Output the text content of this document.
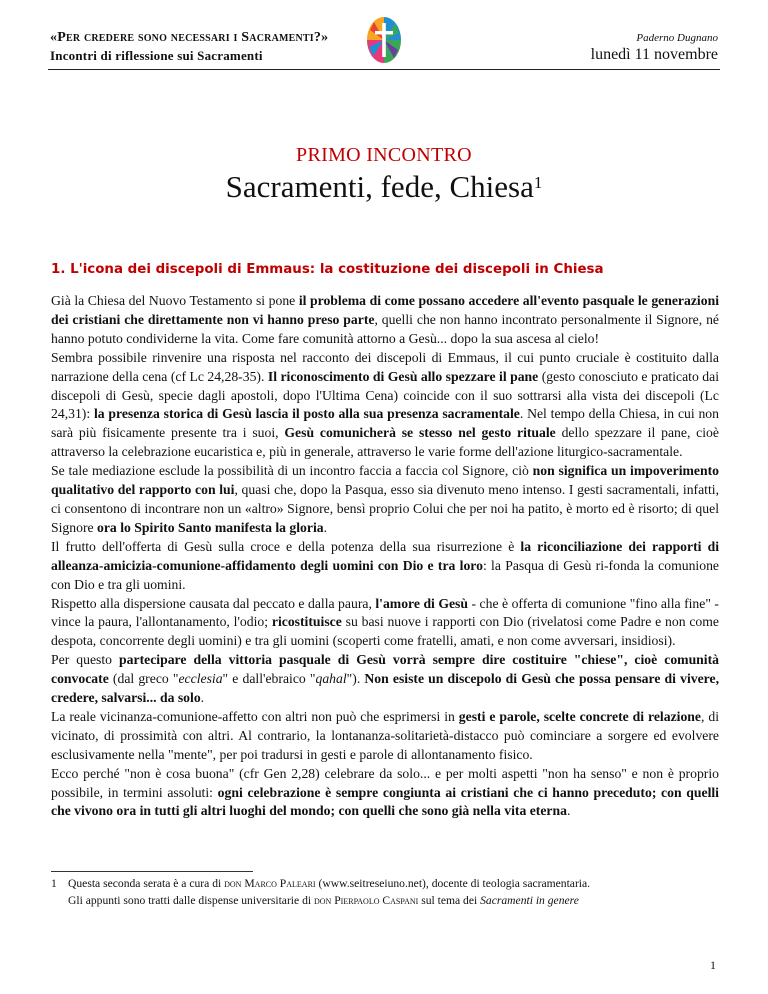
«Per credere sono necessari i Sacramenti?»
Incontri di riflessione sui Sacramenti
Paderno Dugnano
lunedì 11 novembre
PRIMO INCONTRO
Sacramenti, fede, Chiesa$^1$
1. L'icona dei discepoli di Emmaus: la costituzione dei discepoli in Chiesa

Già la Chiesa del Nuovo Testamento si pone il problema di come possano accedere all'evento pasquale le generazioni dei cristiani che direttamente non vi hanno preso parte, quelli che non hanno incontrato personalmente il Signore, né hanno potuto condividerne la vita. Come fare comunità attorno a Gesù... dopo la sua ascesa al cielo!

Sembra possibile rinvenire una risposta nel racconto dei discepoli di Emmaus, il cui punto cruciale è costituito dalla narrazione della cena (cf Lc 24,28-35). Il riconoscimento di Gesù allo spezzare il pane (gesto conosciuto e praticato dai discepoli di Gesù, specie dagli apostoli, dopo l'Ultima Cena) coincide con il suo sottrarsi alla vista dei discepoli (Lc 24,31): la presenza storica di Gesù lascia il posto alla sua presenza sacramentale. Nel tempo della Chiesa, in cui non sarà più fisicamente presente tra i suoi, Gesù comunicherà se stesso nel gesto rituale dello spezzare il pane, cioè attraverso la celebrazione eucaristica e, più in generale, attraverso le varie forme dell'azione liturgico-sacramentale.

Se tale mediazione esclude la possibilità di un incontro faccia a faccia col Signore, ciò non significa un impoverimento qualitativo del rapporto con lui, quasi che, dopo la Pasqua, esso sia divenuto meno intenso. I gesti sacramentali, infatti, ci consentono di incontrare non un «altro» Signore, bensì proprio Colui che per noi ha patito, è morto ed è risorto; di quel Signore ora lo Spirito Santo manifesta la gloria.

Il frutto dell'offerta di Gesù sulla croce e della potenza della sua risurrezione è la riconciliazione dei rapporti di alleanza-amicizia-comunione-affidamento degli uomini con Dio e tra loro: la Pasqua di Gesù ri-fonda la comunione con Dio e tra gli uomini.

Rispetto alla dispersione causata dal peccato e dalla paura, l'amore di Gesù - che è offerta di comunione "fino alla fine" - vince la paura, l'allontanamento, l'odio; ricostituisce su basi nuove i rapporti con Dio (rivelatosi come Padre e non come despota, concorrente degli uomini) e tra gli uomini (scoperti come fratelli, amati, e non come avversari, insidiosi).

Per questo partecipare della vittoria pasquale di Gesù vorrà sempre dire costituire "chiese", cioè comunità convocate (dal greco "ecclesia" e dall'ebraico "qahal"). Non esiste un discepolo di Gesù che possa pensare di vivere, credere, salvarsi... da solo.

La reale vicinanza-comunione-affetto con altri non può che esprimersi in gesti e parole, scelte concrete di relazione, di vicinato, di prossimità con altri. Al contrario, la lontananza-solitarietà-distacco può cominciare a sorgere ed evolvere esclusivamente nella "mente", per poi tradursi in gesti e parole di allontanamento fisico.

Ecco perché "non è cosa buona" (cfr Gen 2,28) celebrare da solo... e per molti aspetti "non ha senso" e non è proprio possibile, in termini assoluti: ogni celebrazione è sempre congiunta ai cristiani che ci hanno preceduto; con quelli che vivono ora in tutti gli altri luoghi del mondo; con quelli che sono già nella vita eterna.

1 Questa seconda serata è a cura di don Marco Paleari (www.seitreseiuno.net), docente di teologia sacramentaria.
Gli appunti sono tratti dalle dispense universitarie di don Pierpaolo Caspani sul tema dei Sacramenti in genere
1
